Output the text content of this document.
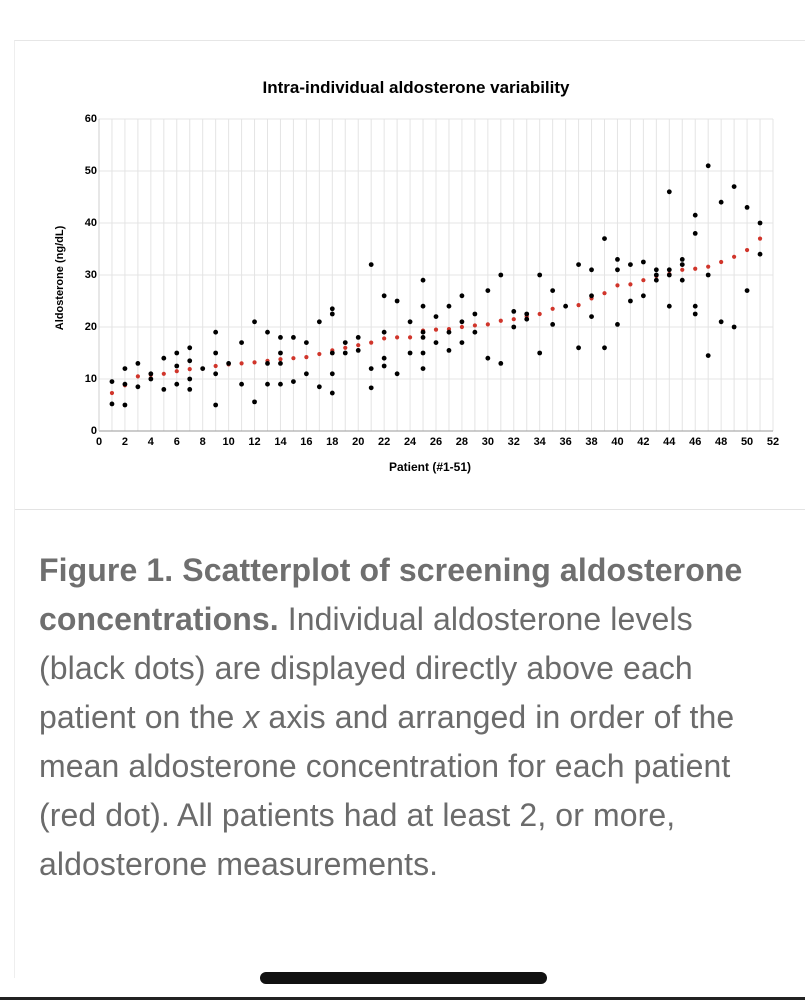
0 2 4 6 8 10 12 14 16 18 20 22 24 26 28 30 32 34 36 38 40 42 44 46 48 50 52
0
10
20
30
40
50
60
Intra-individual aldosterone variability
Patient (#1-51)
Aldosterone (ng/dL)

Figure 1. Scatterplot of screening aldosterone concentrations. Individual aldosterone levels (black dots) are displayed directly above each patient on the x axis and arranged in order of the mean aldosterone concentration for each patient (red dot). All patients had at least 2, or more, aldosterone measurements.
